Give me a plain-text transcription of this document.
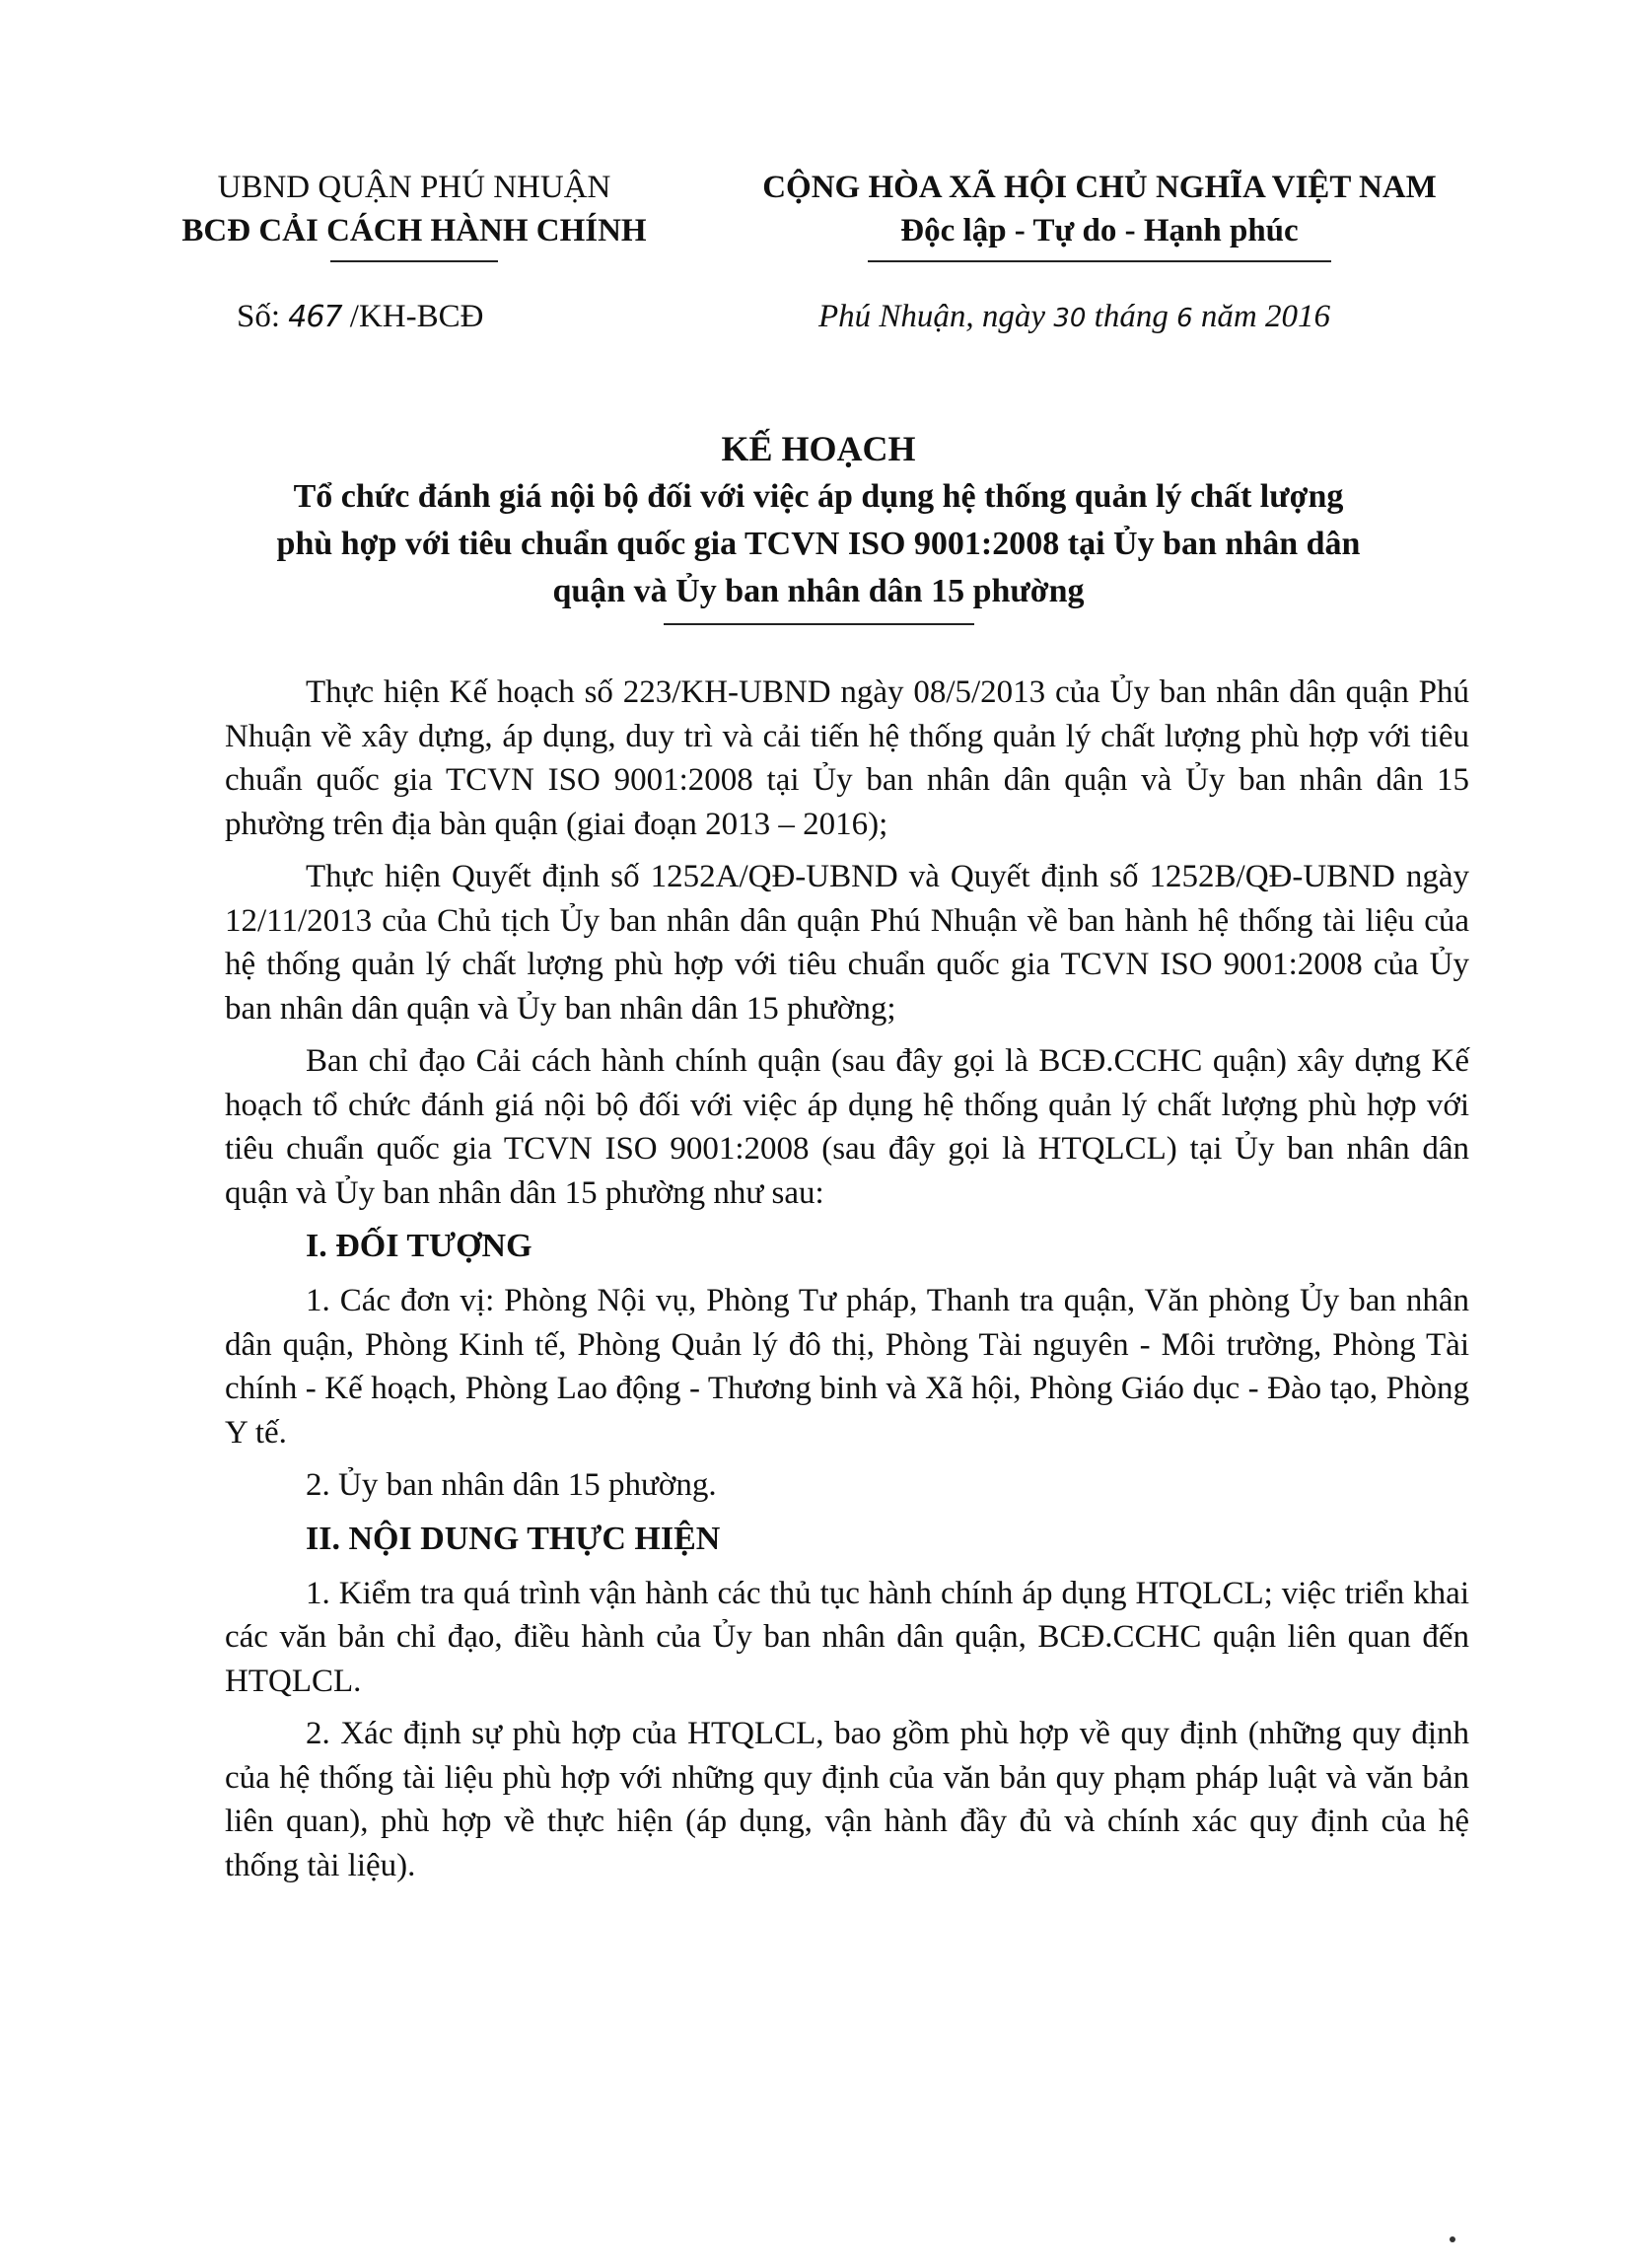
UBND QUẬN PHÚ NHUẬN
BCĐ CẢI CÁCH HÀNH CHÍNH
CỘNG HÒA XÃ HỘI CHỦ NGHĨA VIỆT NAM
Độc lập - Tự do - Hạnh phúc
Số: 467 /KH-BCĐ	Phú Nhuận, ngày 30 tháng 6 năm 2016
KẾ HOẠCH
Tổ chức đánh giá nội bộ đối với việc áp dụng hệ thống quản lý chất lượng
phù hợp với tiêu chuẩn quốc gia TCVN ISO 9001:2008 tại Ủy ban nhân dân
quận và Ủy ban nhân dân 15 phường

Thực hiện Kế hoạch số 223/KH-UBND ngày 08/5/2013 của Ủy ban nhân dân quận Phú Nhuận về xây dựng, áp dụng, duy trì và cải tiến hệ thống quản lý chất lượng phù hợp với tiêu chuẩn quốc gia TCVN ISO 9001:2008 tại Ủy ban nhân dân quận và Ủy ban nhân dân 15 phường trên địa bàn quận (giai đoạn 2013 – 2016);

Thực hiện Quyết định số 1252A/QĐ-UBND và Quyết định số 1252B/QĐ-UBND ngày 12/11/2013 của Chủ tịch Ủy ban nhân dân quận Phú Nhuận về ban hành hệ thống tài liệu của hệ thống quản lý chất lượng phù hợp với tiêu chuẩn quốc gia TCVN ISO 9001:2008 của Ủy ban nhân dân quận và Ủy ban nhân dân 15 phường;

Ban chỉ đạo Cải cách hành chính quận (sau đây gọi là BCĐ.CCHC quận) xây dựng Kế hoạch tổ chức đánh giá nội bộ đối với việc áp dụng hệ thống quản lý chất lượng phù hợp với tiêu chuẩn quốc gia TCVN ISO 9001:2008 (sau đây gọi là HTQLCL) tại Ủy ban nhân dân quận và Ủy ban nhân dân 15 phường như sau:

I. ĐỐI TƯỢNG

1. Các đơn vị: Phòng Nội vụ, Phòng Tư pháp, Thanh tra quận, Văn phòng Ủy ban nhân dân quận, Phòng Kinh tế, Phòng Quản lý đô thị, Phòng Tài nguyên - Môi trường, Phòng Tài chính - Kế hoạch, Phòng Lao động - Thương binh và Xã hội, Phòng Giáo dục - Đào tạo, Phòng Y tế.

2. Ủy ban nhân dân 15 phường.

II. NỘI DUNG THỰC HIỆN

1. Kiểm tra quá trình vận hành các thủ tục hành chính áp dụng HTQLCL; việc triển khai các văn bản chỉ đạo, điều hành của Ủy ban nhân dân quận, BCĐ.CCHC quận liên quan đến HTQLCL.

2. Xác định sự phù hợp của HTQLCL, bao gồm phù hợp về quy định (những quy định của hệ thống tài liệu phù hợp với những quy định của văn bản quy phạm pháp luật và văn bản liên quan), phù hợp về thực hiện (áp dụng, vận hành đầy đủ và chính xác quy định của hệ thống tài liệu).
